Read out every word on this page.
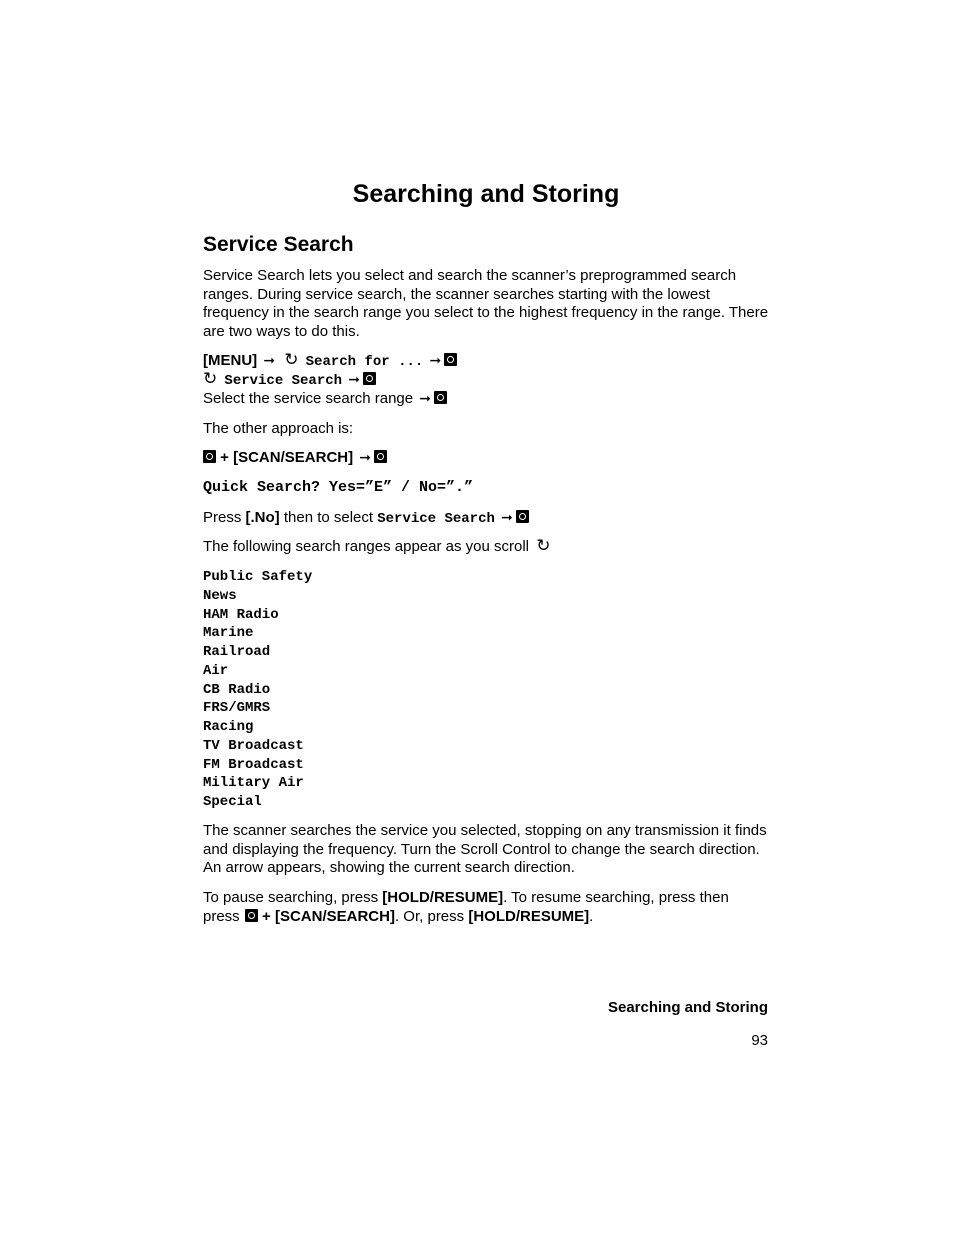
Searching and Storing
Service Search

Service Search lets you select and search the scanner’s preprogrammed search ranges. During service search, the scanner searches starting with the lowest frequency in the search range you select to the highest frequency in the range. There are two ways to do this.

[MENU] ➞ ↻ Search for ... ➞
↻ Service Search ➞
Select the service search range ➞

The other approach is:

+ [SCAN/SEARCH] ➞
Quick Search? Yes=”E” / No=”.”
Press [.No] then to select Service Search ➞
The following search ranges appear as you scroll ↻
Public Safety
News
HAM Radio
Marine
Railroad
Air
CB Radio
FRS/GMRS
Racing
TV Broadcast
FM Broadcast
Military Air
Special

The scanner searches the service you selected, stopping on any transmission it finds and displaying the frequency. Turn the Scroll Control to change the search direction. An arrow appears, showing the current search direction.

To pause searching, press [HOLD/RESUME]. To resume searching, press then press + [SCAN/SEARCH]. Or, press [HOLD/RESUME].

Searching and Storing
93
